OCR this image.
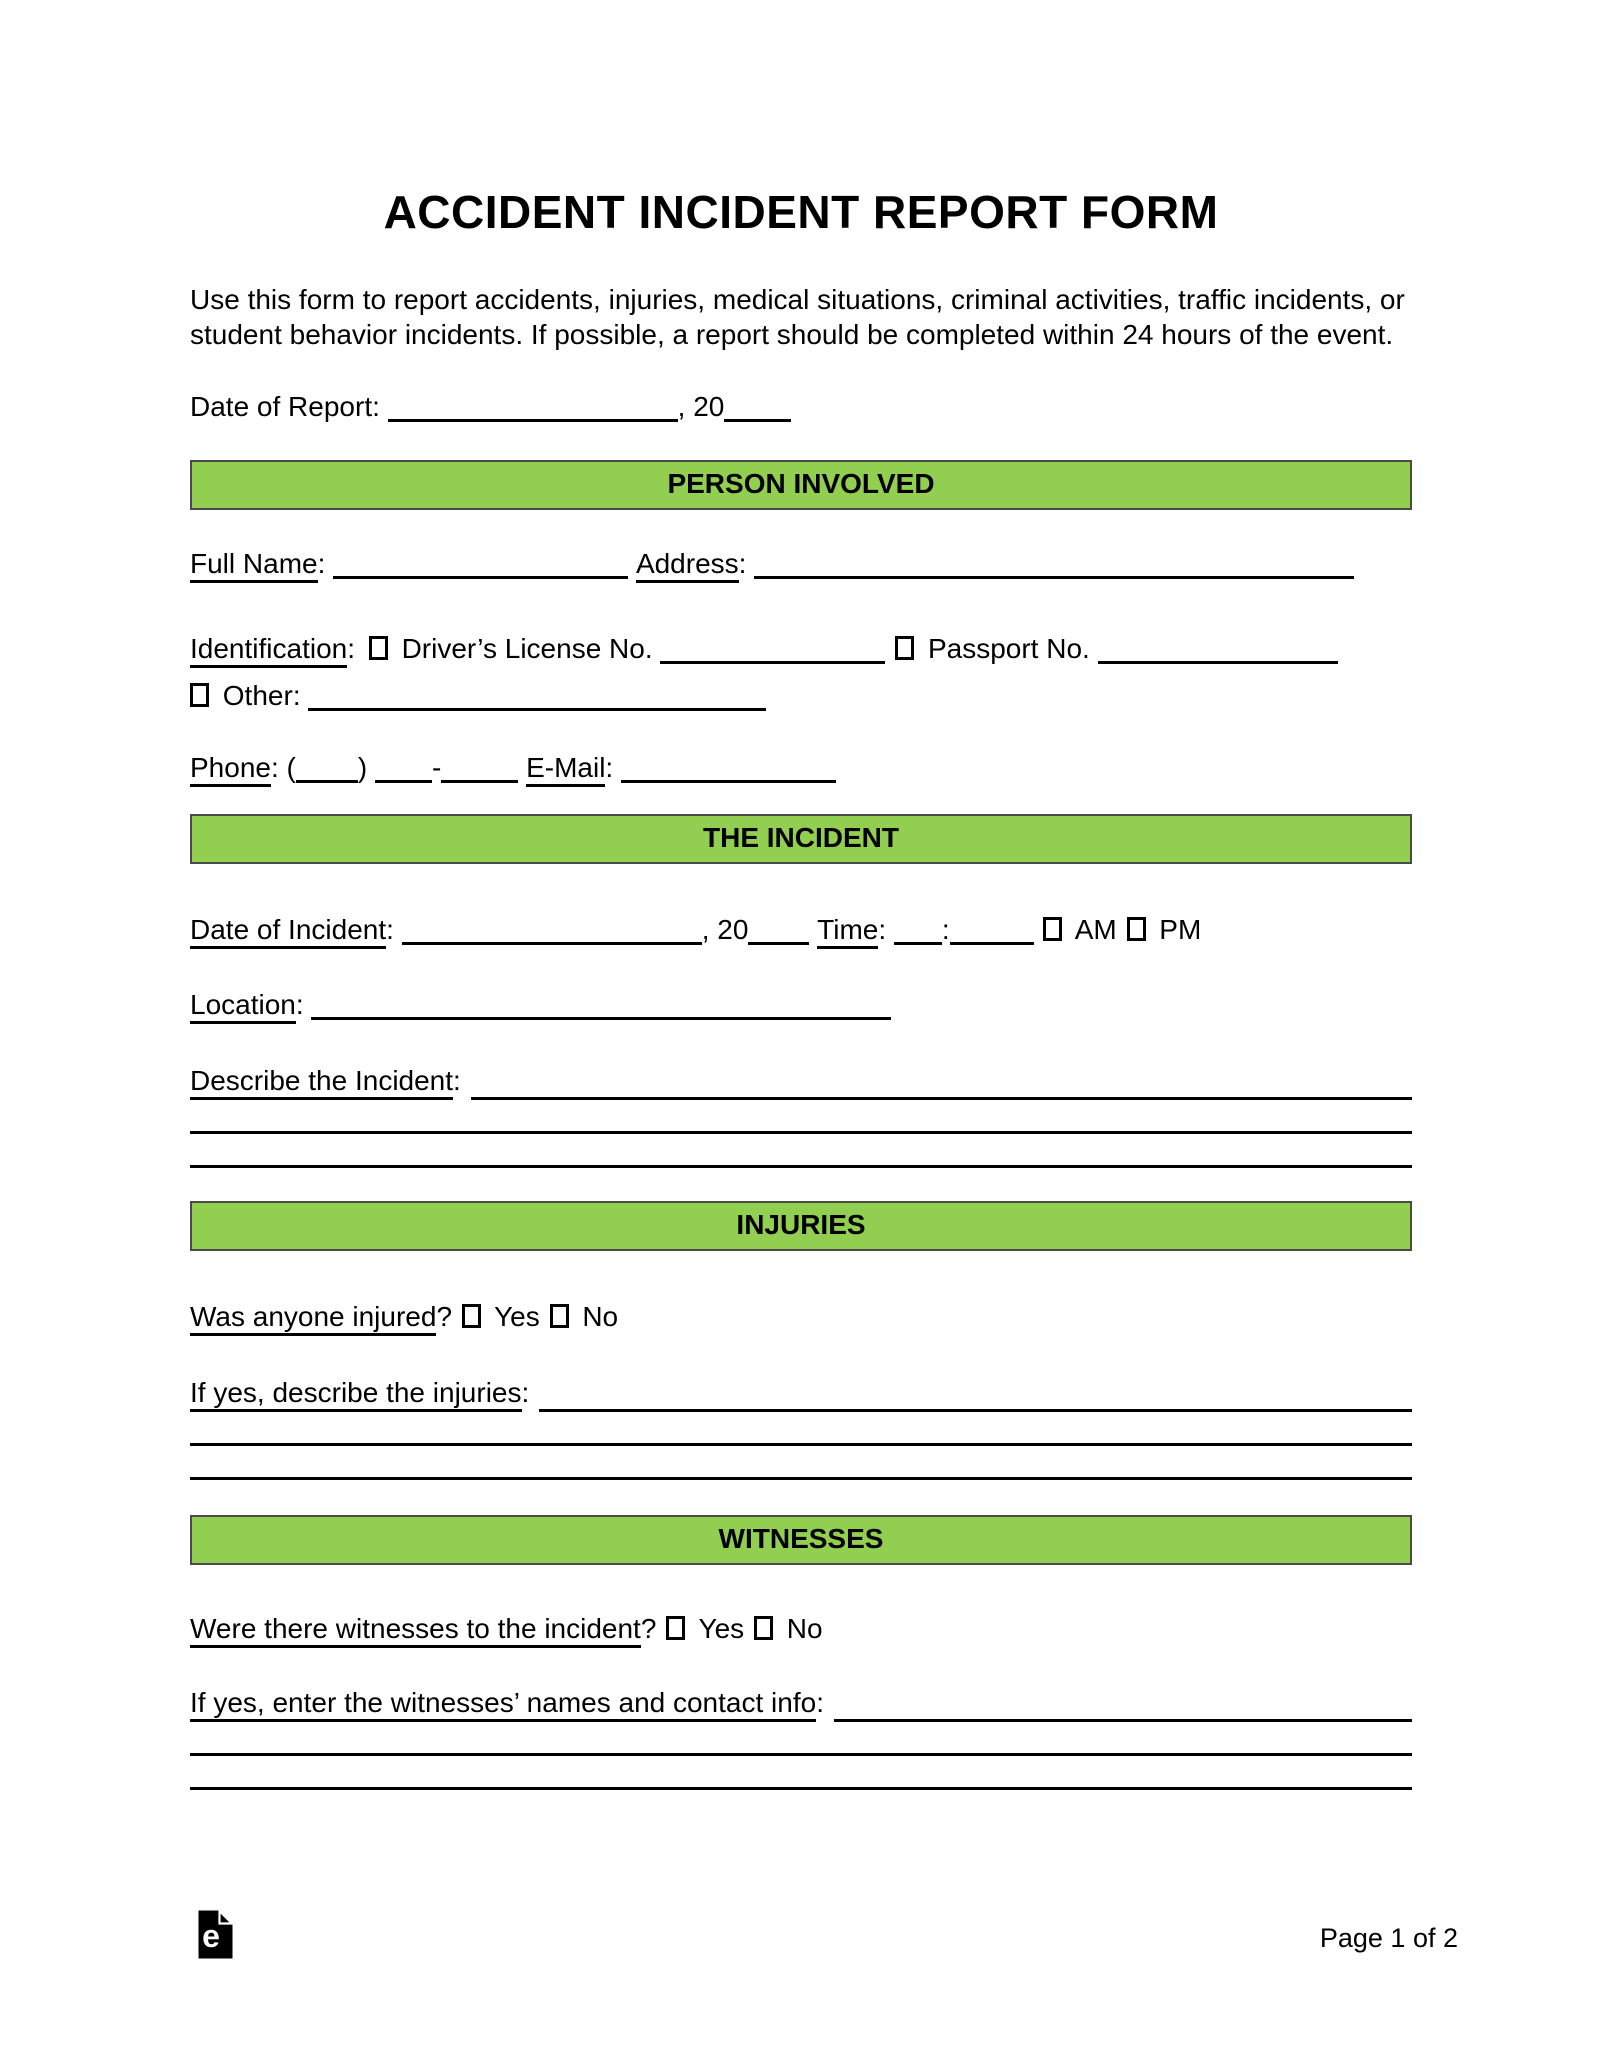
ACCIDENT INCIDENT REPORT FORM
Use this form to report accidents, injuries, medical situations, criminal activities, traffic incidents, or student behavior incidents. If possible, a report should be completed within 24 hours of the event.
Date of Report:	, 20
PERSON INVOLVED
Full Name:	Address:
Identification: Driver’s License No.	Passport No.
Other:
Phone: ( ) -	E-Mail:
THE INCIDENT
Date of Incident:	, 20 Time: :	AM PM
Location:
Describe the Incident:
INJURIES
Was anyone injured? Yes No
If yes, describe the injuries:
WITNESSES
Were there witnesses to the incident? Yes No
If yes, enter the witnesses’ names and contact info:
e	Page 1 of 2
